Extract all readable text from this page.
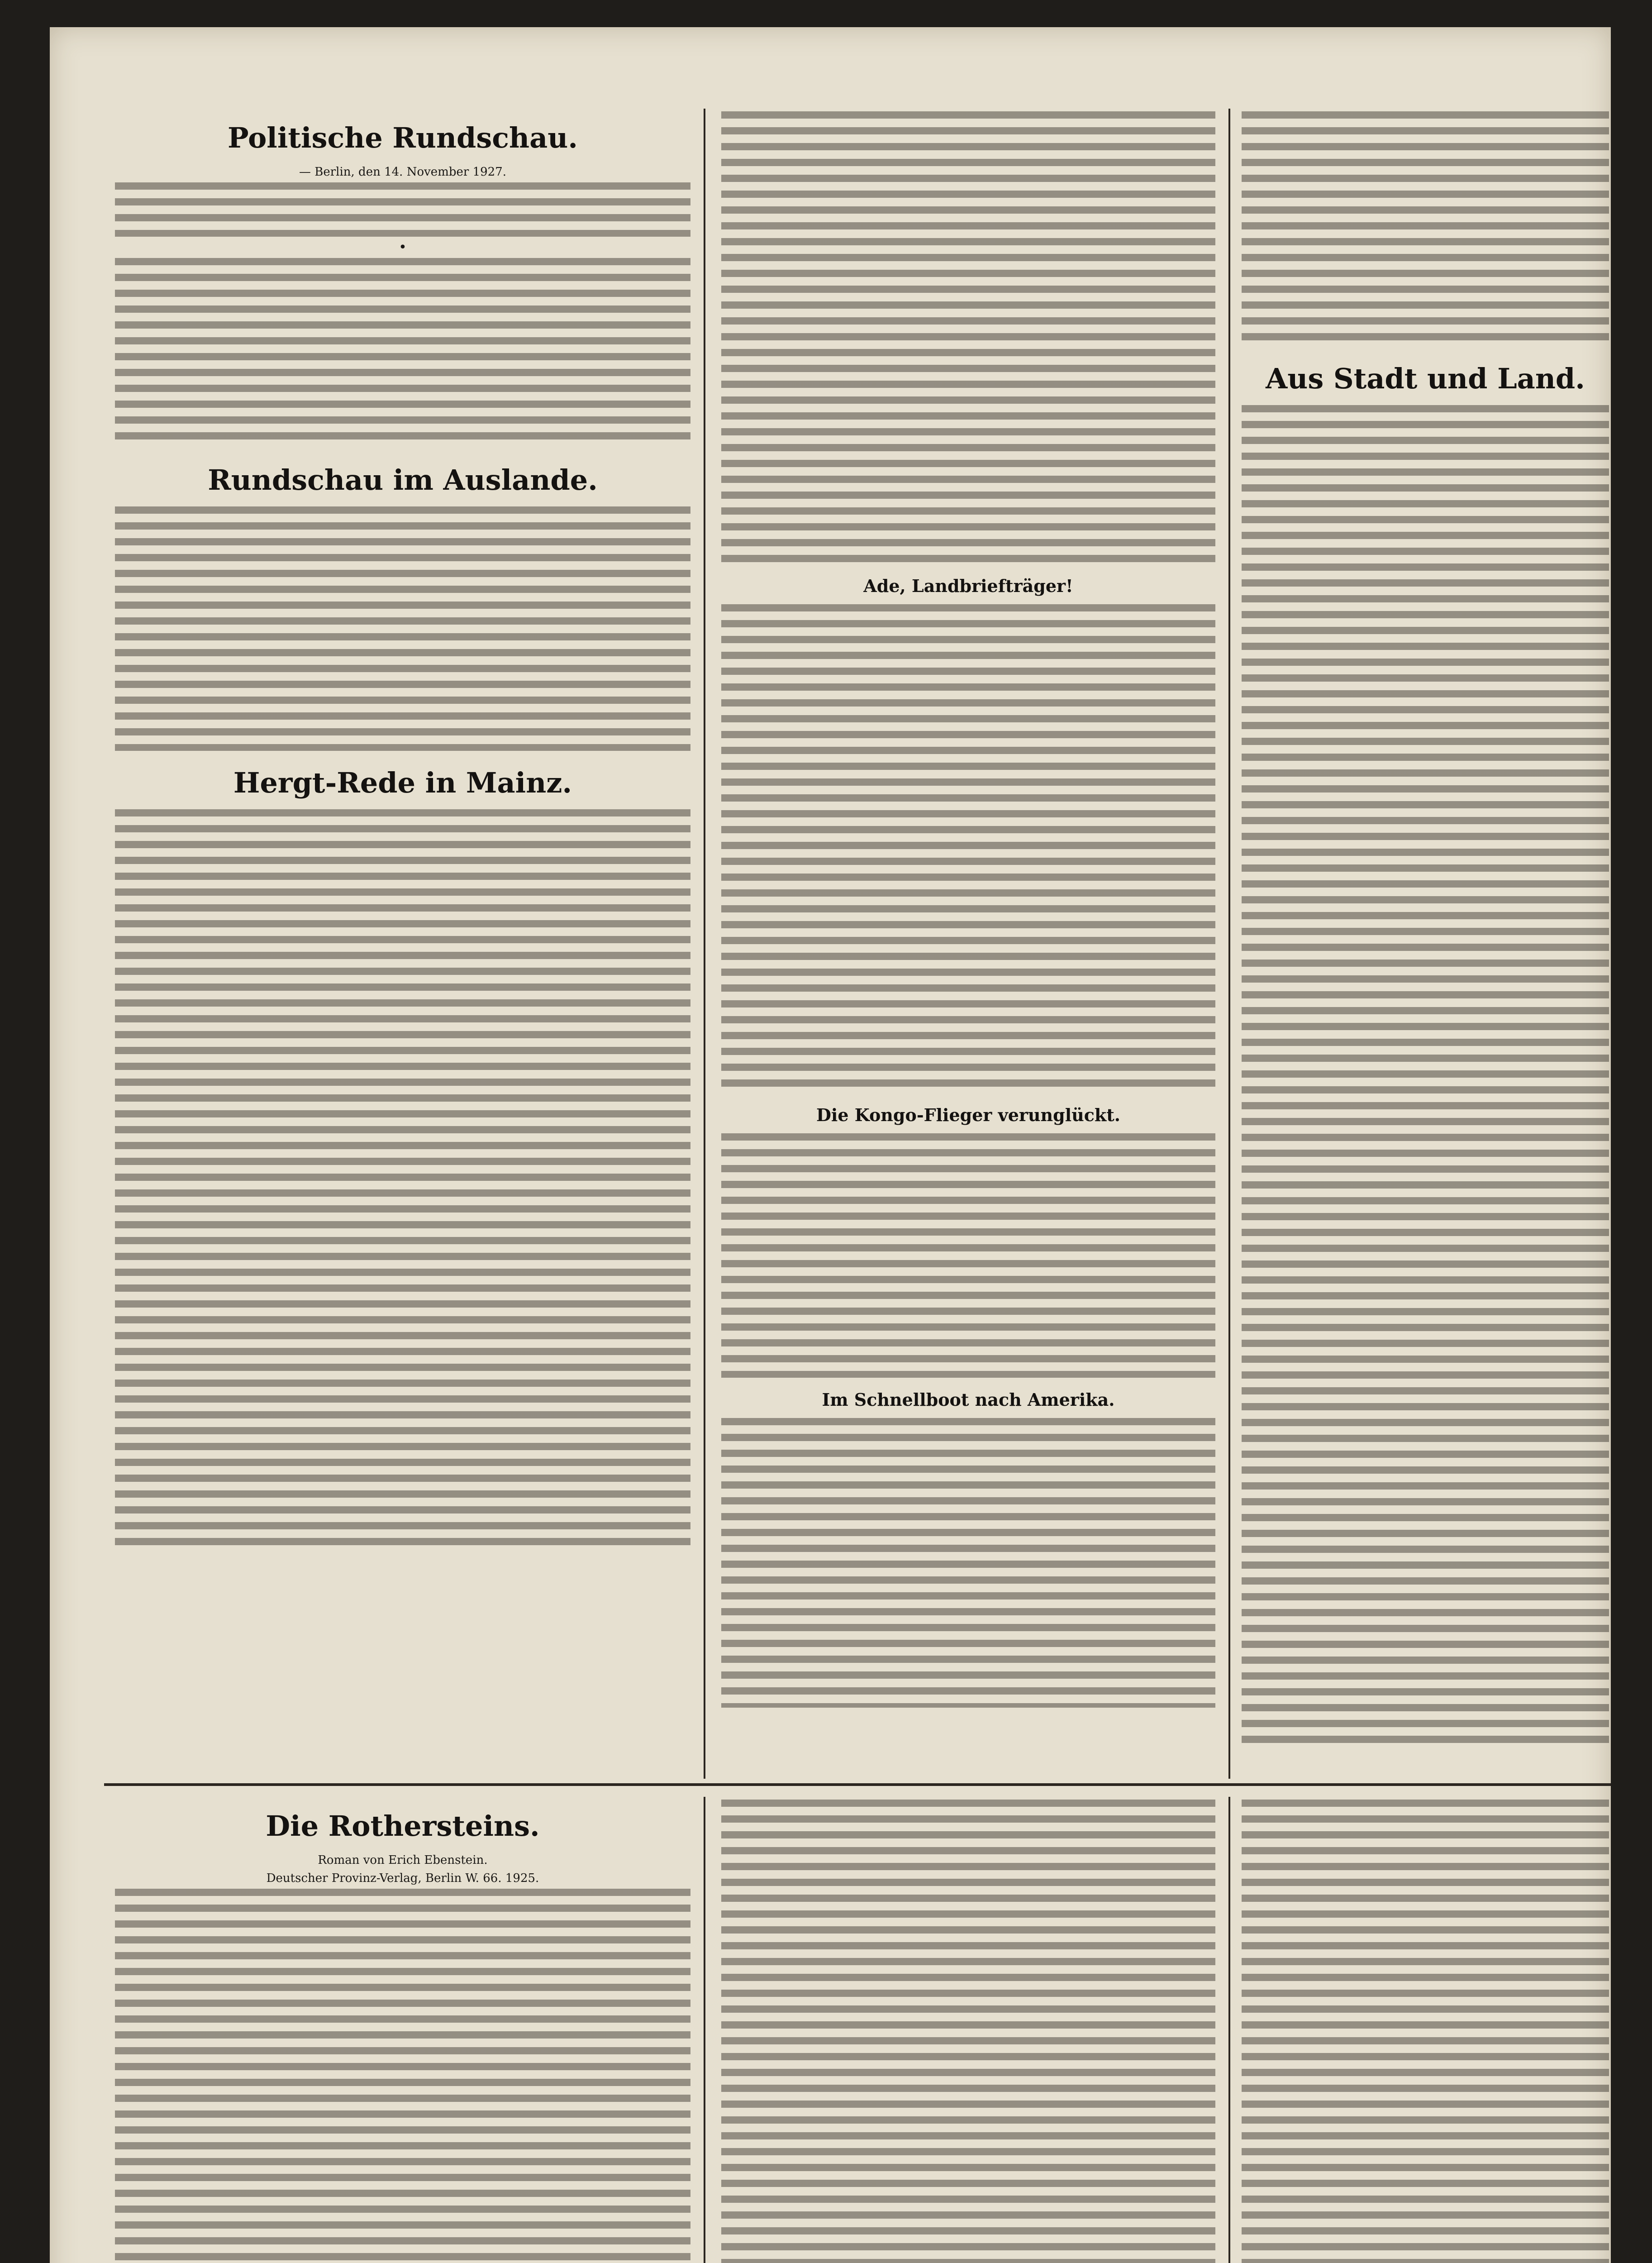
Politische Rundschau.
— Berlin, den 14. November 1927.
•
Rundschau im Auslande.
Hergt-Rede in Mainz.
Ade, Landbriefträger!
Die Kongo-Flieger verunglückt.
Im Schnellboot nach Amerika.
Aus Stadt und Land.
Die Rothersteins.
Roman von Erich Ebenstein.
Deutscher Provinz-Verlag, Berlin W. 66. 1925.
